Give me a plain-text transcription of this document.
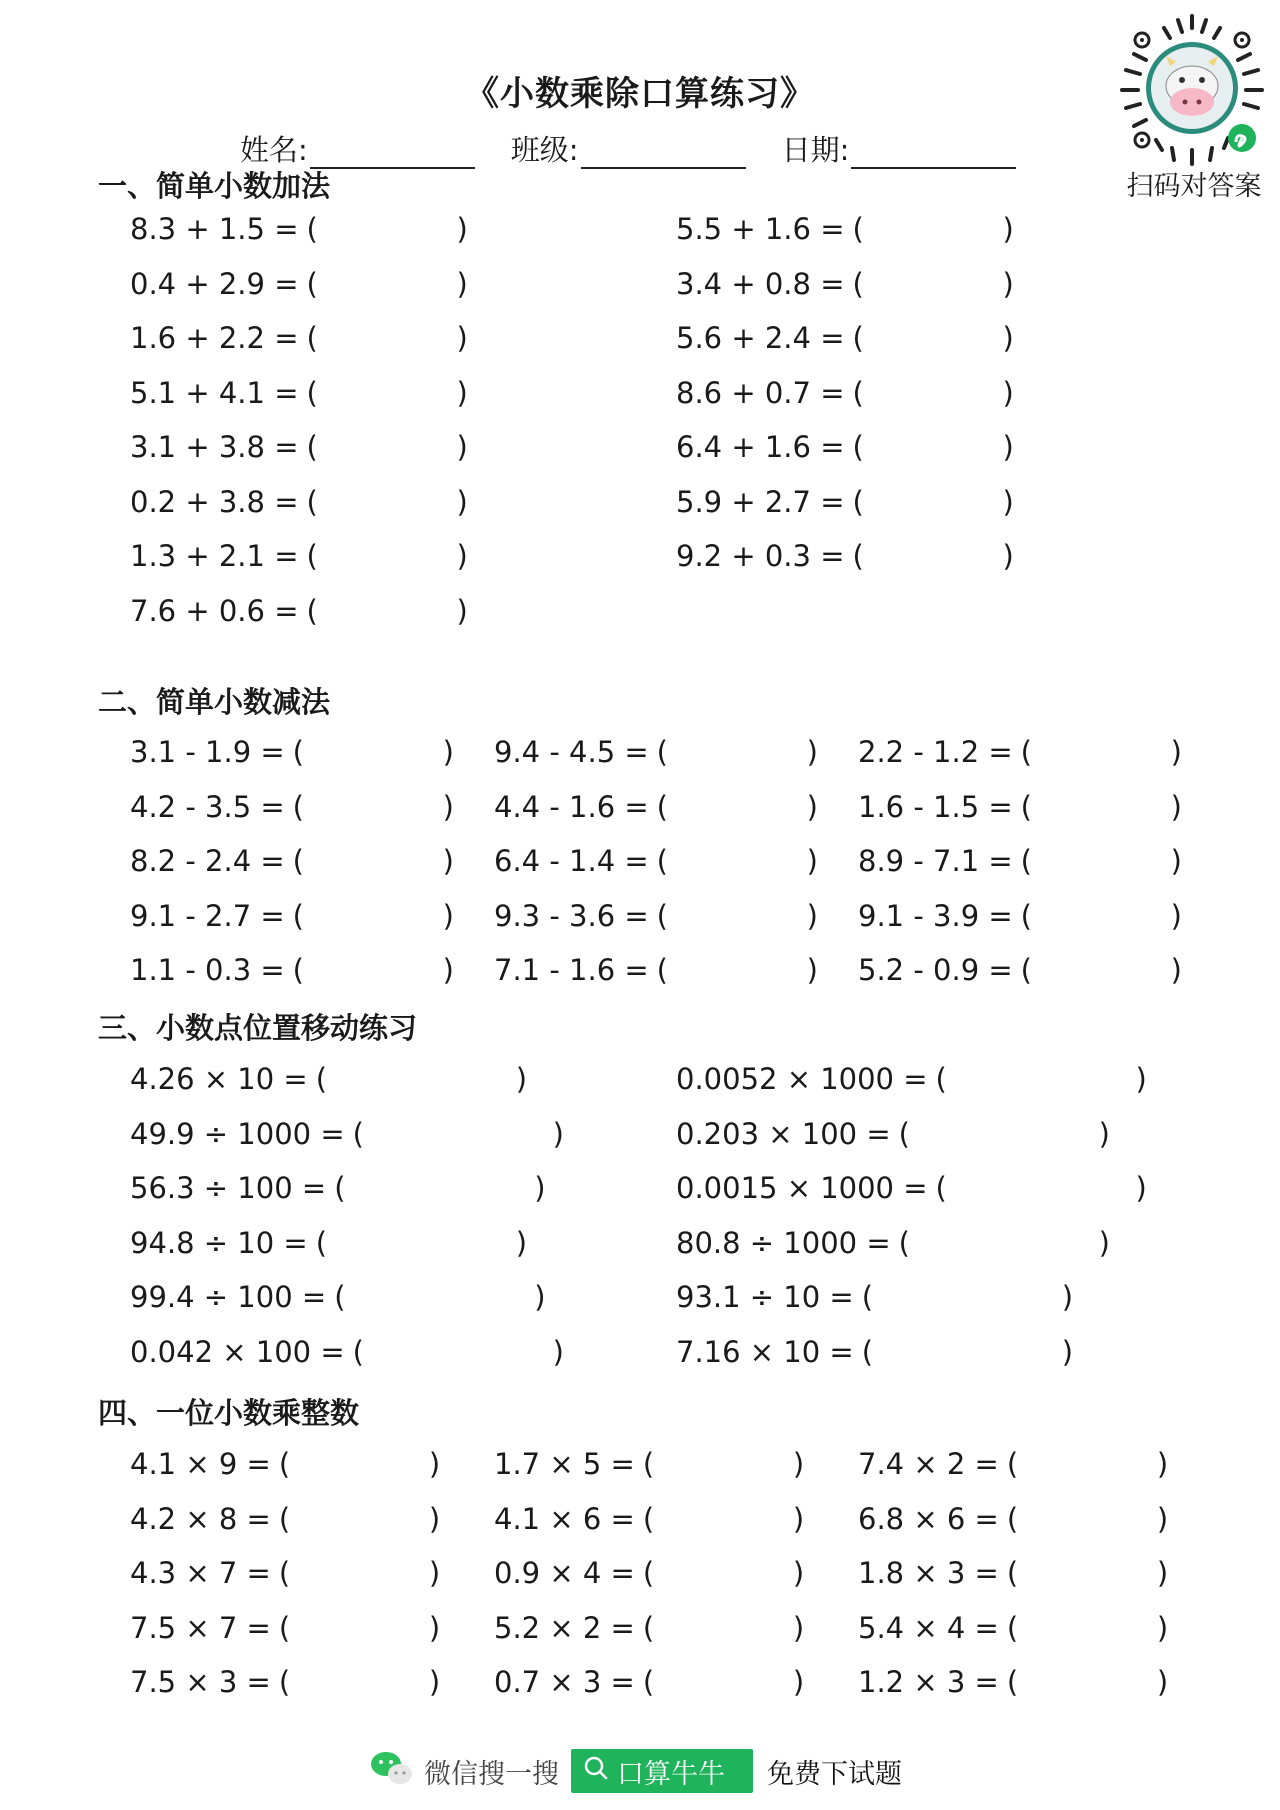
《小数乘除口算练习》
姓名:	班级:	日期:
扫码对答案
一、简单小数加法
8.3 + 1.5 = (	)	5.5 + 1.6 = (	)
0.4 + 2.9 = (	)	3.4 + 0.8 = (	)
1.6 + 2.2 = (	)	5.6 + 2.4 = (	)
5.1 + 4.1 = (	)	8.6 + 0.7 = (	)
3.1 + 3.8 = (	)	6.4 + 1.6 = (	)
0.2 + 3.8 = (	)	5.9 + 2.7 = (	)
1.3 + 2.1 = (	)	9.2 + 0.3 = (	)
7.6 + 0.6 = (	)
二、简单小数减法
3.1 - 1.9 = (	) 9.4 - 4.5 = (	) 2.2 - 1.2 = (	)
4.2 - 3.5 = (	) 4.4 - 1.6 = (	) 1.6 - 1.5 = (	)
8.2 - 2.4 = (	) 6.4 - 1.4 = (	) 8.9 - 7.1 = (	)
9.1 - 2.7 = (	) 9.3 - 3.6 = (	) 9.1 - 3.9 = (	)
1.1 - 0.3 = (	) 7.1 - 1.6 = (	) 5.2 - 0.9 = (	)
三、小数点位置移动练习
4.26 × 10 = (	)	0.0052 × 1000 = (	)
49.9 ÷ 1000 = (	)	0.203 × 100 = (	)
56.3 ÷ 100 = (	)	0.0015 × 1000 = (	)
94.8 ÷ 10 = (	)	80.8 ÷ 1000 = (	)
99.4 ÷ 100 = (	)	93.1 ÷ 10 = (	)
0.042 × 100 = (	)	7.16 × 10 = (	)
四、一位小数乘整数
4.1 × 9 = (	) 1.7 × 5 = (	) 7.4 × 2 = (	)
4.2 × 8 = (	) 4.1 × 6 = (	) 6.8 × 6 = (	)
4.3 × 7 = (	) 0.9 × 4 = (	) 1.8 × 3 = (	)
7.5 × 7 = (	) 5.2 × 2 = (	) 5.4 × 4 = (	)
7.5 × 3 = (	) 0.7 × 3 = (	) 1.2 × 3 = (	)
微信搜一搜 口算牛牛 免费下试题
